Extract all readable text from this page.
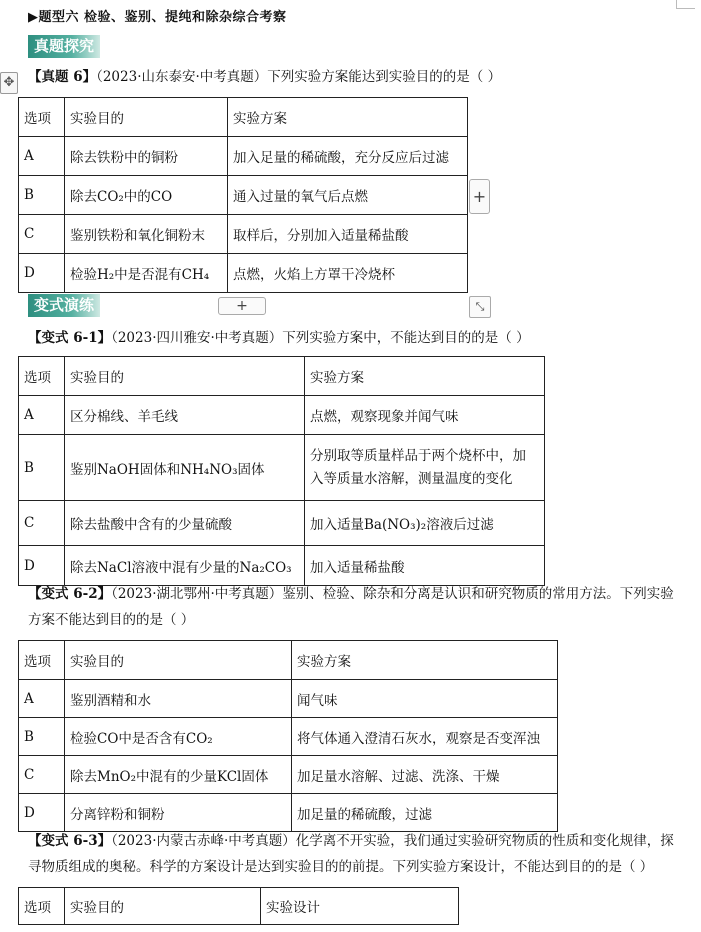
▶题型六 检验、鉴别、提纯和除杂综合考察
真题探究
✥ 【真题 6】（2023·山东泰安·中考真题）下列实验方案能达到实验目的的是（ ）
选项	实验目的	实验方案
A	除去铁粉中的铜粉	加入足量的稀硫酸，充分反应后过滤
B	除去CO₂中的CO	通入过量的氧气后点燃
C	鉴别铁粉和氧化铜粉末	取样后，分别加入适量稀盐酸
D	检验H₂中是否混有CH₄	点燃，火焰上方罩干冷烧杯
+
变式演练	+	⤡
【变式 6-1】（2023·四川雅安·中考真题）下列实验方案中，不能达到目的的是（ ）
选项	实验目的	实验方案
A	区分棉线、羊毛线	点燃，观察现象并闻气味
B	鉴别NaOH固体和NH₄NO₃固体	分别取等质量样品于两个烧杯中，加入等质量水溶解，测量温度的变化
C	除去盐酸中含有的少量硫酸	加入适量Ba(NO₃)₂溶液后过滤
D	除去NaCl溶液中混有少量的Na₂CO₃	加入适量稀盐酸
【变式 6-2】（2023·湖北鄂州·中考真题）鉴别、检验、除杂和分离是认识和研究物质的常用方法。下列实验
方案不能达到目的的是（ ）
选项	实验目的	实验方案
A	鉴别酒精和水	闻气味
B	检验CO中是否含有CO₂	将气体通入澄清石灰水，观察是否变浑浊
C	除去MnO₂中混有的少量KCl固体	加足量水溶解、过滤、洗涤、干燥
D	分离锌粉和铜粉	加足量的稀硫酸，过滤
【变式 6-3】（2023·内蒙古赤峰·中考真题）化学离不开实验，我们通过实验研究物质的性质和变化规律，探
寻物质组成的奥秘。科学的方案设计是达到实验目的的前提。下列实验方案设计，不能达到目的的是（ ）
选项	实验目的	实验设计
